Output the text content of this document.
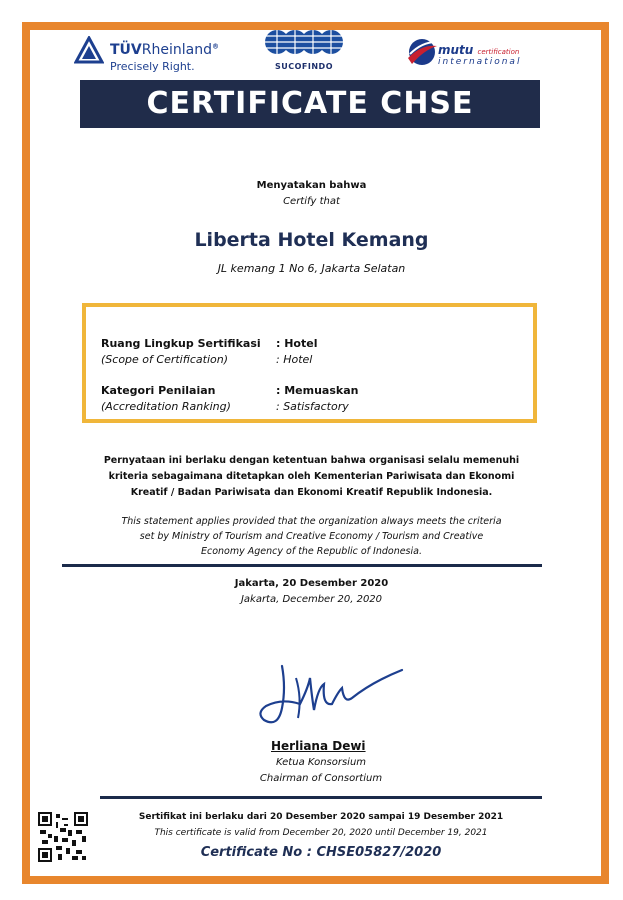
TÜVRheinland®
Precisely Right.	SUCOFINDO
mutu certification
international
CERTIFICATE CHSE
Menyatakan bahwa
Certify that
Liberta Hotel Kemang
JL kemang 1 No 6, Jakarta Selatan
Ruang Lingkup Sertifikasi
(Scope of Certification)
: Hotel
: Hotel
Kategori Penilaian
(Accreditation Ranking)
: Memuaskan
: Satisfactory
Pernyataan ini berlaku dengan ketentuan bahwa organisasi selalu memenuhi
kriteria sebagaimana ditetapkan oleh Kementerian Pariwisata dan Ekonomi
Kreatif / Badan Pariwisata dan Ekonomi Kreatif Republik Indonesia.
This statement applies provided that the organization always meets the criteria
set by Ministry of Tourism and Creative Economy / Tourism and Creative
Economy Agency of the Republic of Indonesia.
Jakarta, 20 Desember 2020
Jakarta, December 20, 2020
Herliana Dewi
Ketua Konsorsium
Chairman of Consortium
Sertifikat ini berlaku dari 20 Desember 2020 sampai 19 Desember 2021
This certificate is valid from December 20, 2020 until December 19, 2021
Certificate No : CHSE05827/2020
